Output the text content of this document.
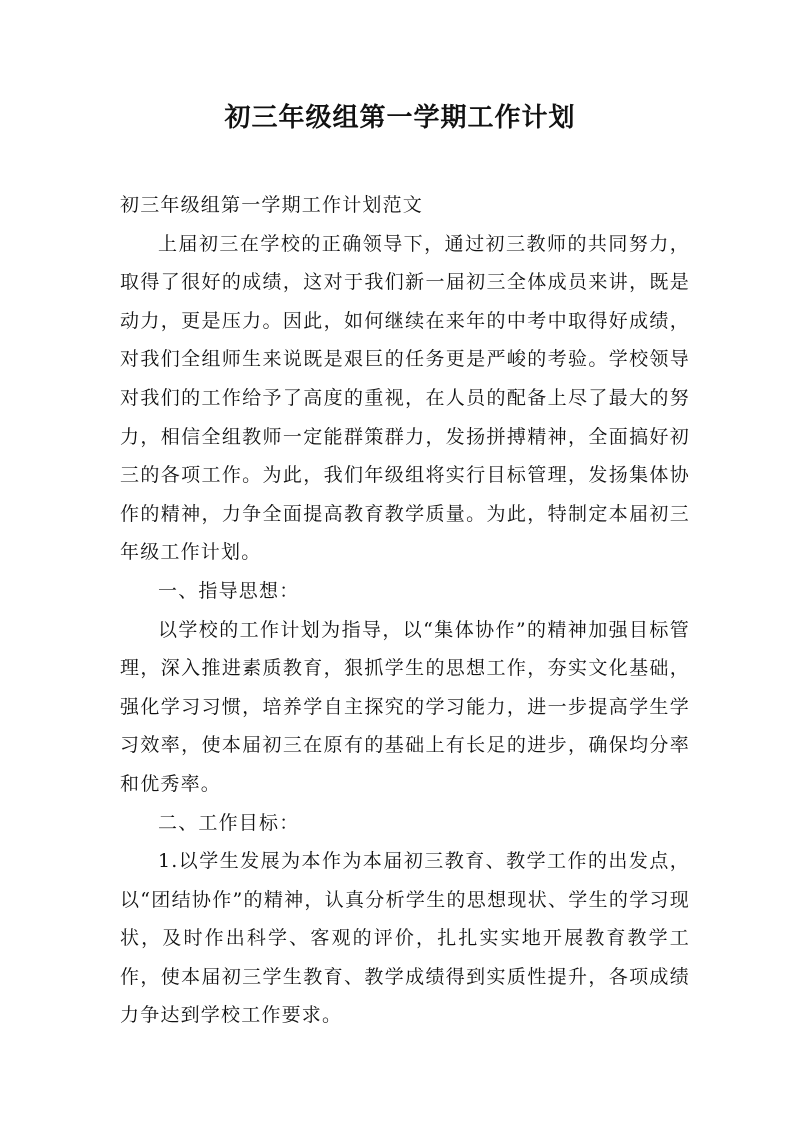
初三年级组第一学期工作计划

初三年级组第一学期工作计划范文

上届初三在学校的正确领导下，通过初三教师的共同努力，取得了很好的成绩，这对于我们新一届初三全体成员来讲，既是动力，更是压力。因此，如何继续在来年的中考中取得好成绩，对我们全组师生来说既是艰巨的任务更是严峻的考验。学校领导对我们的工作给予了高度的重视，在人员的配备上尽了最大的努力，相信全组教师一定能群策群力，发扬拼搏精神，全面搞好初三的各项工作。为此，我们年级组将实行目标管理，发扬集体协作的精神，力争全面提高教育教学质量。为此，特制定本届初三年级工作计划。

一、指导思想：

以学校的工作计划为指导，以“集体协作”的精神加强目标管理，深入推进素质教育，狠抓学生的思想工作，夯实文化基础，强化学习习惯，培养学自主探究的学习能力，进一步提高学生学习效率，使本届初三在原有的基础上有长足的进步，确保均分率和优秀率。

二、工作目标：

1.以学生发展为本作为本届初三教育、教学工作的出发点，以“团结协作”的精神，认真分析学生的思想现状、学生的学习现状，及时作出科学、客观的评价，扎扎实实地开展教育教学工作，使本届初三学生教育、教学成绩得到实质性提升，各项成绩力争达到学校工作要求。
